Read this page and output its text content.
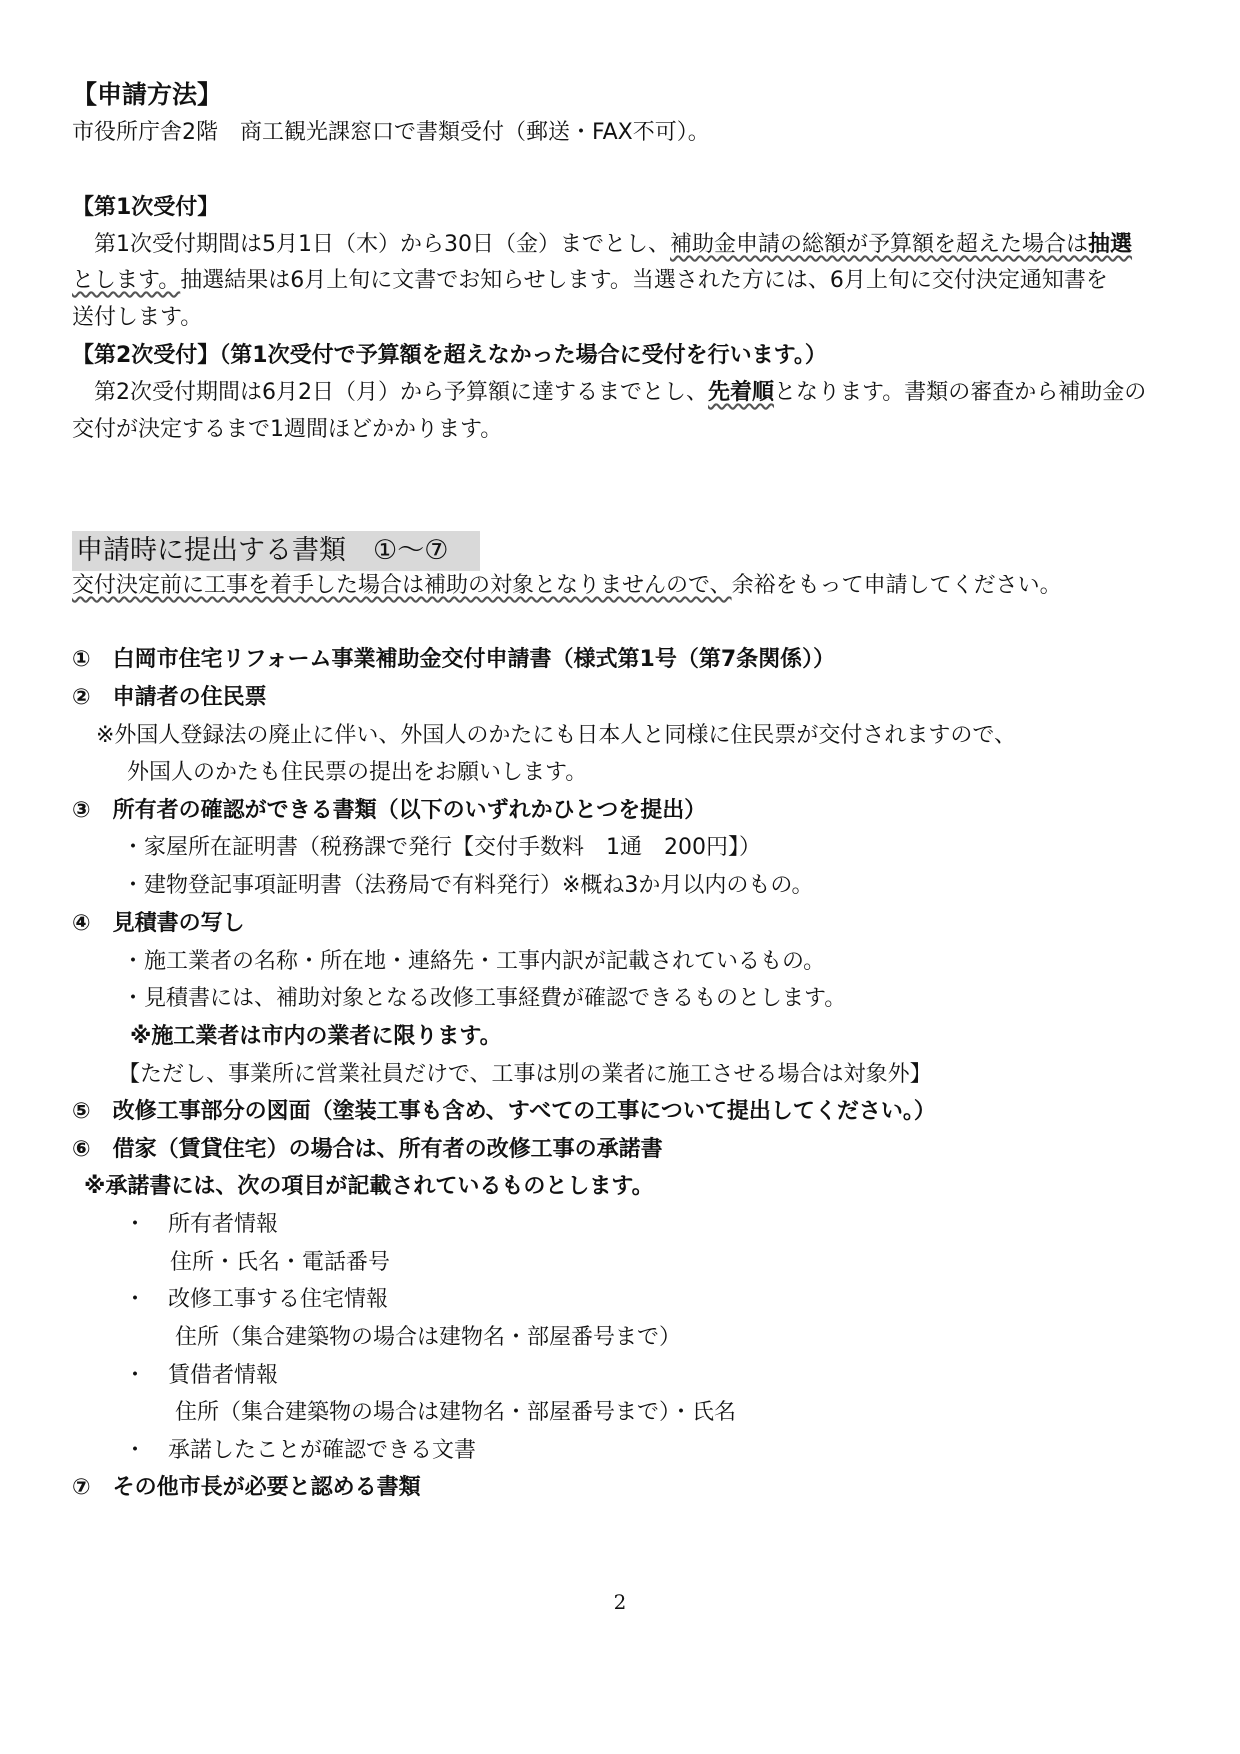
【申請方法】
市役所庁舎2階　商工観光課窓口で書類受付（郵送・FAX不可）。
【第1次受付】
　第1次受付期間は5月1日（木）から30日（金）までとし、補助金申請の総額が予算額を超えた場合は抽選
とします。抽選結果は6月上旬に文書でお知らせします。当選された方には、6月上旬に交付決定通知書を
送付します。
【第2次受付】（第1次受付で予算額を超えなかった場合に受付を行います。）
　第2次受付期間は6月2日（月）から予算額に達するまでとし、先着順となります。書類の審査から補助金の
交付が決定するまで1週間ほどかかります。
申請時に提出する書類　①～⑦
交付決定前に工事を着手した場合は補助の対象となりませんので、余裕をもって申請してください。
①　白岡市住宅リフォーム事業補助金交付申請書（様式第1号（第7条関係））
②　申請者の住民票
※外国人登録法の廃止に伴い、外国人のかたにも日本人と同様に住民票が交付されますので、
外国人のかたも住民票の提出をお願いします。
③　所有者の確認ができる書類（以下のいずれかひとつを提出）
・家屋所在証明書（税務課で発行【交付手数料　1通　200円】）
・建物登記事項証明書（法務局で有料発行）※概ね3か月以内のもの。
④　見積書の写し
・施工業者の名称・所在地・連絡先・工事内訳が記載されているもの。
・見積書には、補助対象となる改修工事経費が確認できるものとします。
※施工業者は市内の業者に限ります。
【ただし、事業所に営業社員だけで、工事は別の業者に施工させる場合は対象外】
⑤　改修工事部分の図面（塗装工事も含め、すべての工事について提出してください。）
⑥　借家（賃貸住宅）の場合は、所有者の改修工事の承諾書
※承諾書には、次の項目が記載されているものとします。
・　所有者情報
住所・氏名・電話番号
・　改修工事する住宅情報
住所（集合建築物の場合は建物名・部屋番号まで）
・　賃借者情報
住所（集合建築物の場合は建物名・部屋番号まで）・氏名
・　承諾したことが確認できる文書
⑦　その他市長が必要と認める書類
2
